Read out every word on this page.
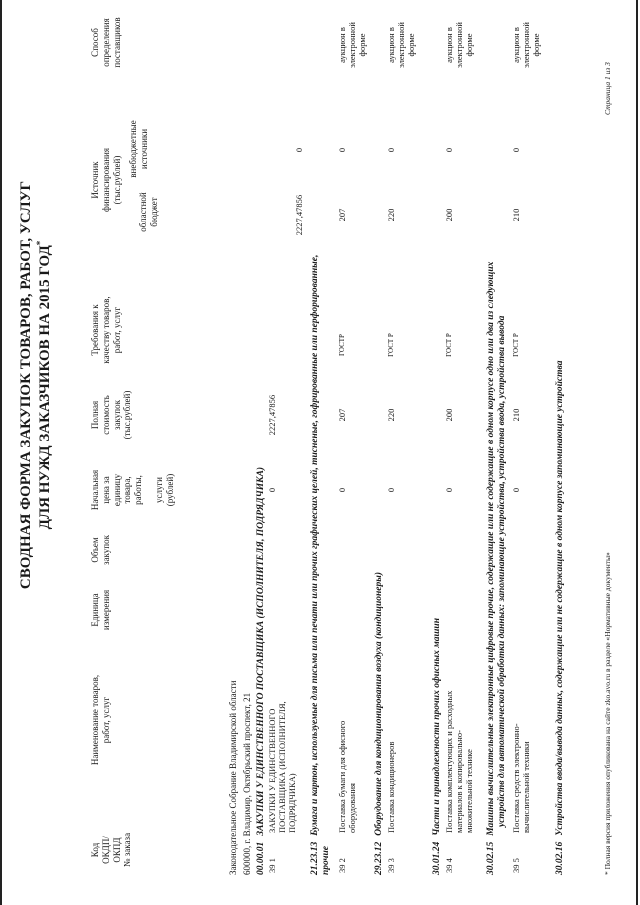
СВОДНАЯ ФОРМА ЗАКУПОК ТОВАРОВ, РАБОТ, УСЛУГ ДЛЯ НУЖД ЗАКАЗЧИКОВ НА 2015 ГОД*
Код ОКДП/ ОКПД № заказа
Наименование товаров, работ, услуг
Единица измерения
Объем закупок
Начальная цена за единицу товара, работы, услуги (рублей)
Полная стоимость закупок (тыс.рублей)
Требования к качеству товаров, работ, услуг
Источник финансирования (тыс.рублей)
областной бюджет
внебюджетные источники
Способ определения поставщиков
Законодательное Собрание Владимирской области 600000, г. Владимир, Октябрьский проспект, 21 00.00.01ЗАКУПКИ У ЕДИНСТВЕННОГО ПОСТАВЩИКА (ИСПОЛНИТЕЛЯ, ПОДРЯДЧИКА)
39 1
ЗАКУПКИ У ЕДИНСТВЕННОГО ПОСТАВЩИКА (ИСПОЛНИТЕЛЯ, ПОДРЯДЧИКА)
0
2227,47856
2227,47856
0
21.23.13Бумага и картон, используемые для письма или печати или прочих графических целей, тисненые, гофрированные или перфорированные,
прочие 39 2
Поставка бумаги для офисного оборудования
0
207
ГОСТР
207
0
аукцион в электронной форме
29.23.12Оборудование для кондиционирования воздуха (кондиционеры)
39 3
Поставка кондиционеров
0
220
ГОСТ Р
220
0
аукцион в электронной форме
30.01.24Части и принадлежности прочих офисных машин
39 4
Поставка комплектующих и расходных материалов к копировально- множительной технике
0
200
ГОСТ Р
200
0
аукцион в электронной форме
30.02.15Машины вычислительные электронные цифровые прочие, содержащие или не содержащие в одном корпусе одно или два из следующих устройств для автоматической обработки данных: запоминающие устройства, устройства ввода, устройства вывода
39 5
Поставка средств электронно- вычислительной техники
0
210
ГОСТ Р
210
0
аукцион в электронной форме
30.02.16Устройства ввода/вывода данных, содержащие или не содержащие в одном корпусе запоминающие устройства	* Полная версия приложения опубликована на сайте zko.avo.ru в разделе «Нормативные документы»
Страница 1 из 3
